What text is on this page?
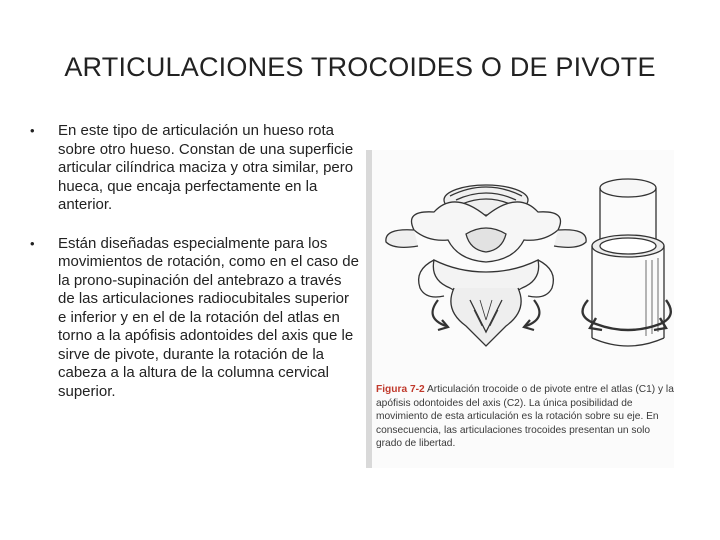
ARTICULACIONES TROCOIDES O DE PIVOTE
• En este tipo de articulación un hueso rota sobre otro hueso. Constan de una superficie articular cilíndrica maciza y otra similar, pero hueca, que encaja perfectamente en la anterior.
• Están diseñadas especialmente para los movimientos de rotación, como en el caso de la prono-supinación del antebrazo a través de las articulaciones radiocubitales superior e inferior y en el de la rotación del atlas en torno a la apófisis adontoides del axis que le sirve de pivote, durante la rotación de la cabeza a la altura de la columna cervical superior.	Figura 7-2 Articulación trocoide o de pivote entre el atlas (C1) y la apófisis odontoides del axis (C2). La única posibilidad de movimiento de esta articulación es la rotación sobre su eje. En consecuencia, las articulaciones trocoides presentan un solo grado de libertad.
